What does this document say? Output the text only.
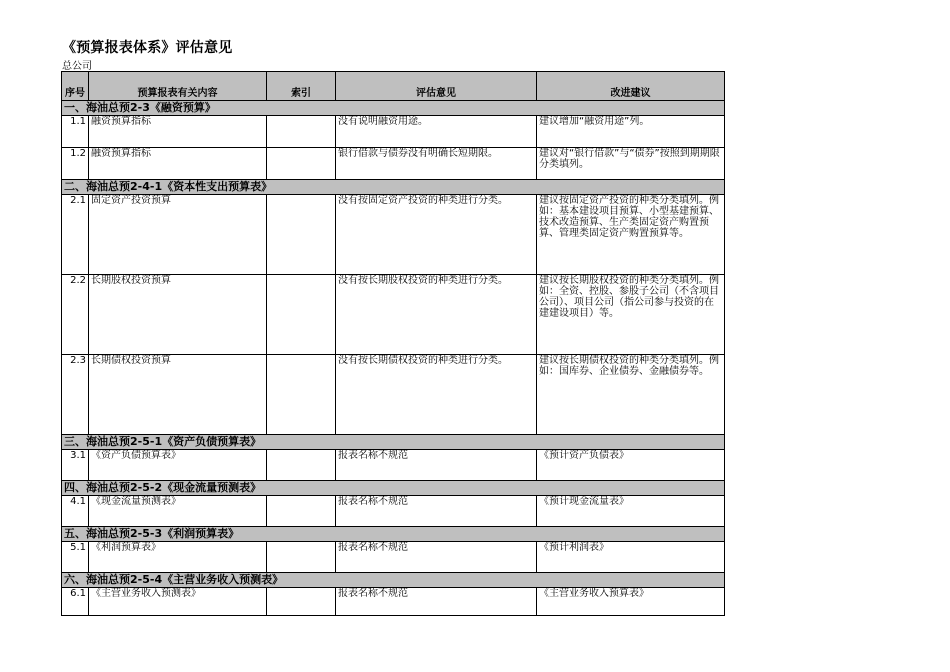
《预算报表体系》评估意见
总公司
序号	预算报表有关内容	索引	评估意见	改进建议
一、海油总预2-3《融资预算》				
1.1	融资预算指标		没有说明融资用途。	建议增加“融资用途”列。
1.2	融资预算指标		银行借款与债券没有明确长短期限。	建议对“银行借款”与“债券”按照到期期限分类填列。
二、海油总预2-4-1《资本性支出预算表》				
2.1	固定资产投资预算		没有按固定资产投资的种类进行分类。	建议按固定资产投资的种类分类填列。例如：基本建设项目预算、小型基建预算、技术改造预算、生产类固定资产购置预算、管理类固定资产购置预算等。
2.2	长期股权投资预算		没有按长期股权投资的种类进行分类。	建议按长期股权投资的种类分类填列。例如：全资、控股、参股子公司（不含项目公司）、项目公司（指公司参与投资的在建建设项目）等。
2.3	长期债权投资预算		没有按长期债权投资的种类进行分类。	建议按长期债权投资的种类分类填列。例如：国库券、企业债券、金融债券等。
三、海油总预2-5-1《资产负债预算表》				
3.1	《资产负债预算表》		报表名称不规范	《预计资产负债表》
四、海油总预2-5-2《现金流量预测表》				
4.1	《现金流量预测表》		报表名称不规范	《预计现金流量表》
五、海油总预2-5-3《利润预算表》				
5.1	《利润预算表》		报表名称不规范	《预计利润表》
六、海油总预2-5-4《主营业务收入预测表》				
6.1	《主营业务收入预测表》		报表名称不规范	《主营业务收入预算表》
